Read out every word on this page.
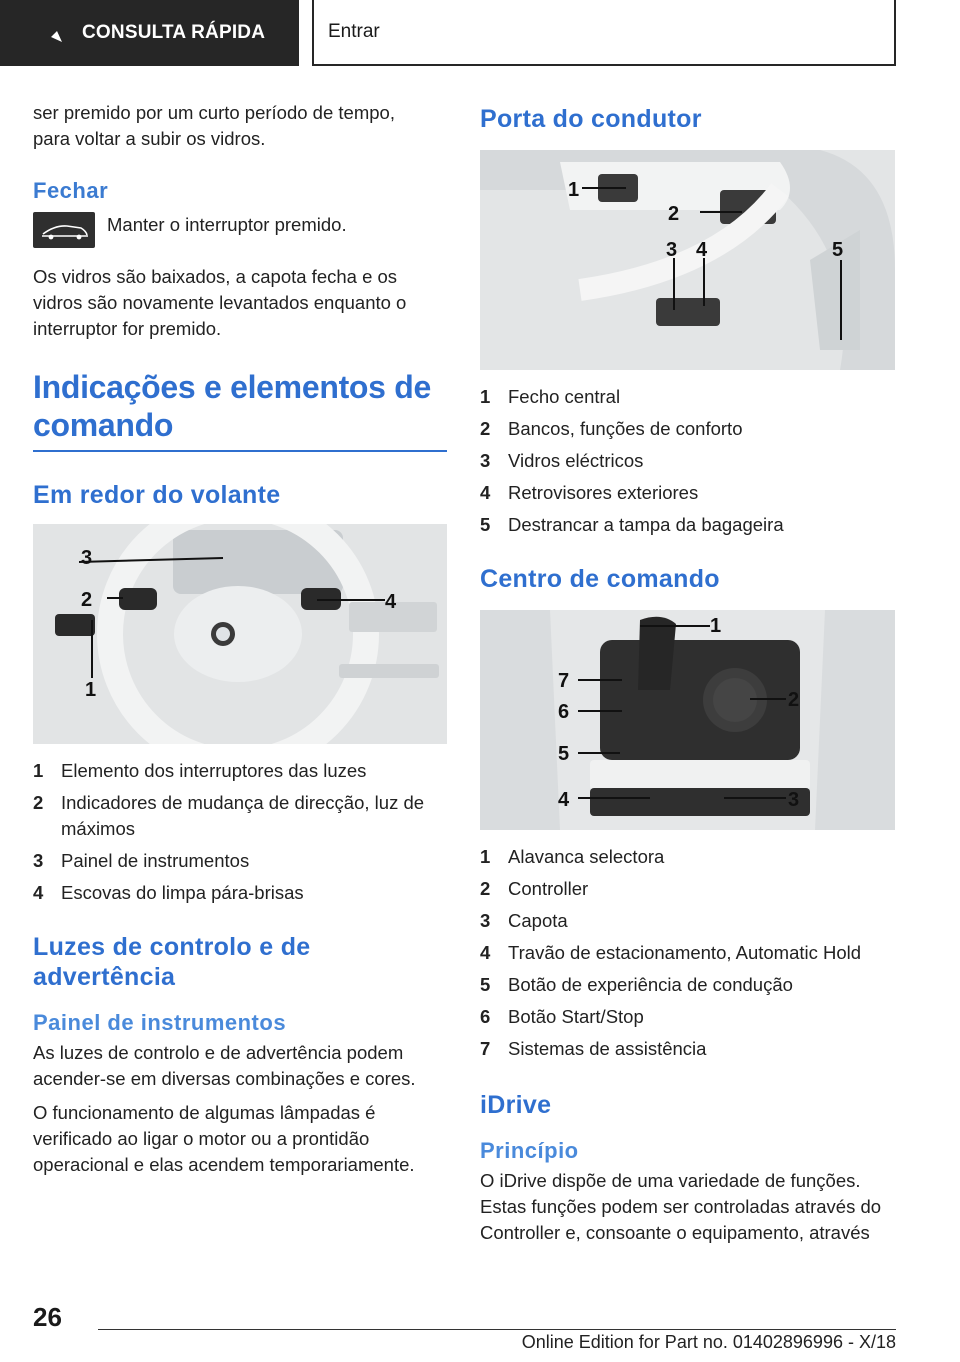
CONSULTA RÁPIDA	Entrar

ser premido por um curto período de tempo, para voltar a subir os vidros.

Fechar

Manter o interruptor premido.

Os vidros são baixados, a capota fecha e os vidros são novamente levantados enquanto o interruptor for premido.

Indicações e elementos de comando
Em redor do volante
1
2
3
4
1 Elemento dos interruptores das luzes
2 Indicadores de mudança de direcção, luz de máximos
3 Painel de instrumentos
4 Escovas do limpa pára-brisas
Luzes de controlo e de advertência
Painel de instrumentos

As luzes de controlo e de advertência podem acender-se em diversas combinações e cores.

O funcionamento de algumas lâmpadas é verificado ao ligar o motor ou a prontidão operacional e elas acendem temporariamente.

Porta do condutor
1
2
3 4	5
1 Fecho central
2 Bancos, funções de conforto
3 Vidros eléctricos
4 Retrovisores exteriores
5 Destrancar a tampa da bagageira
Centro de comando
1
2
3
4
5
6
7
1 Alavanca selectora
2 Controller
3 Capota
4 Travão de estacionamento, Automatic Hold
5 Botão de experiência de condução
6 Botão Start/Stop
7 Sistemas de assistência
iDrive
Princípio

O iDrive dispõe de uma variedade de funções. Estas funções podem ser controladas através do Controller e, consoante o equipamento, através

26
Online Edition for Part no. 01402896996 - X/18
